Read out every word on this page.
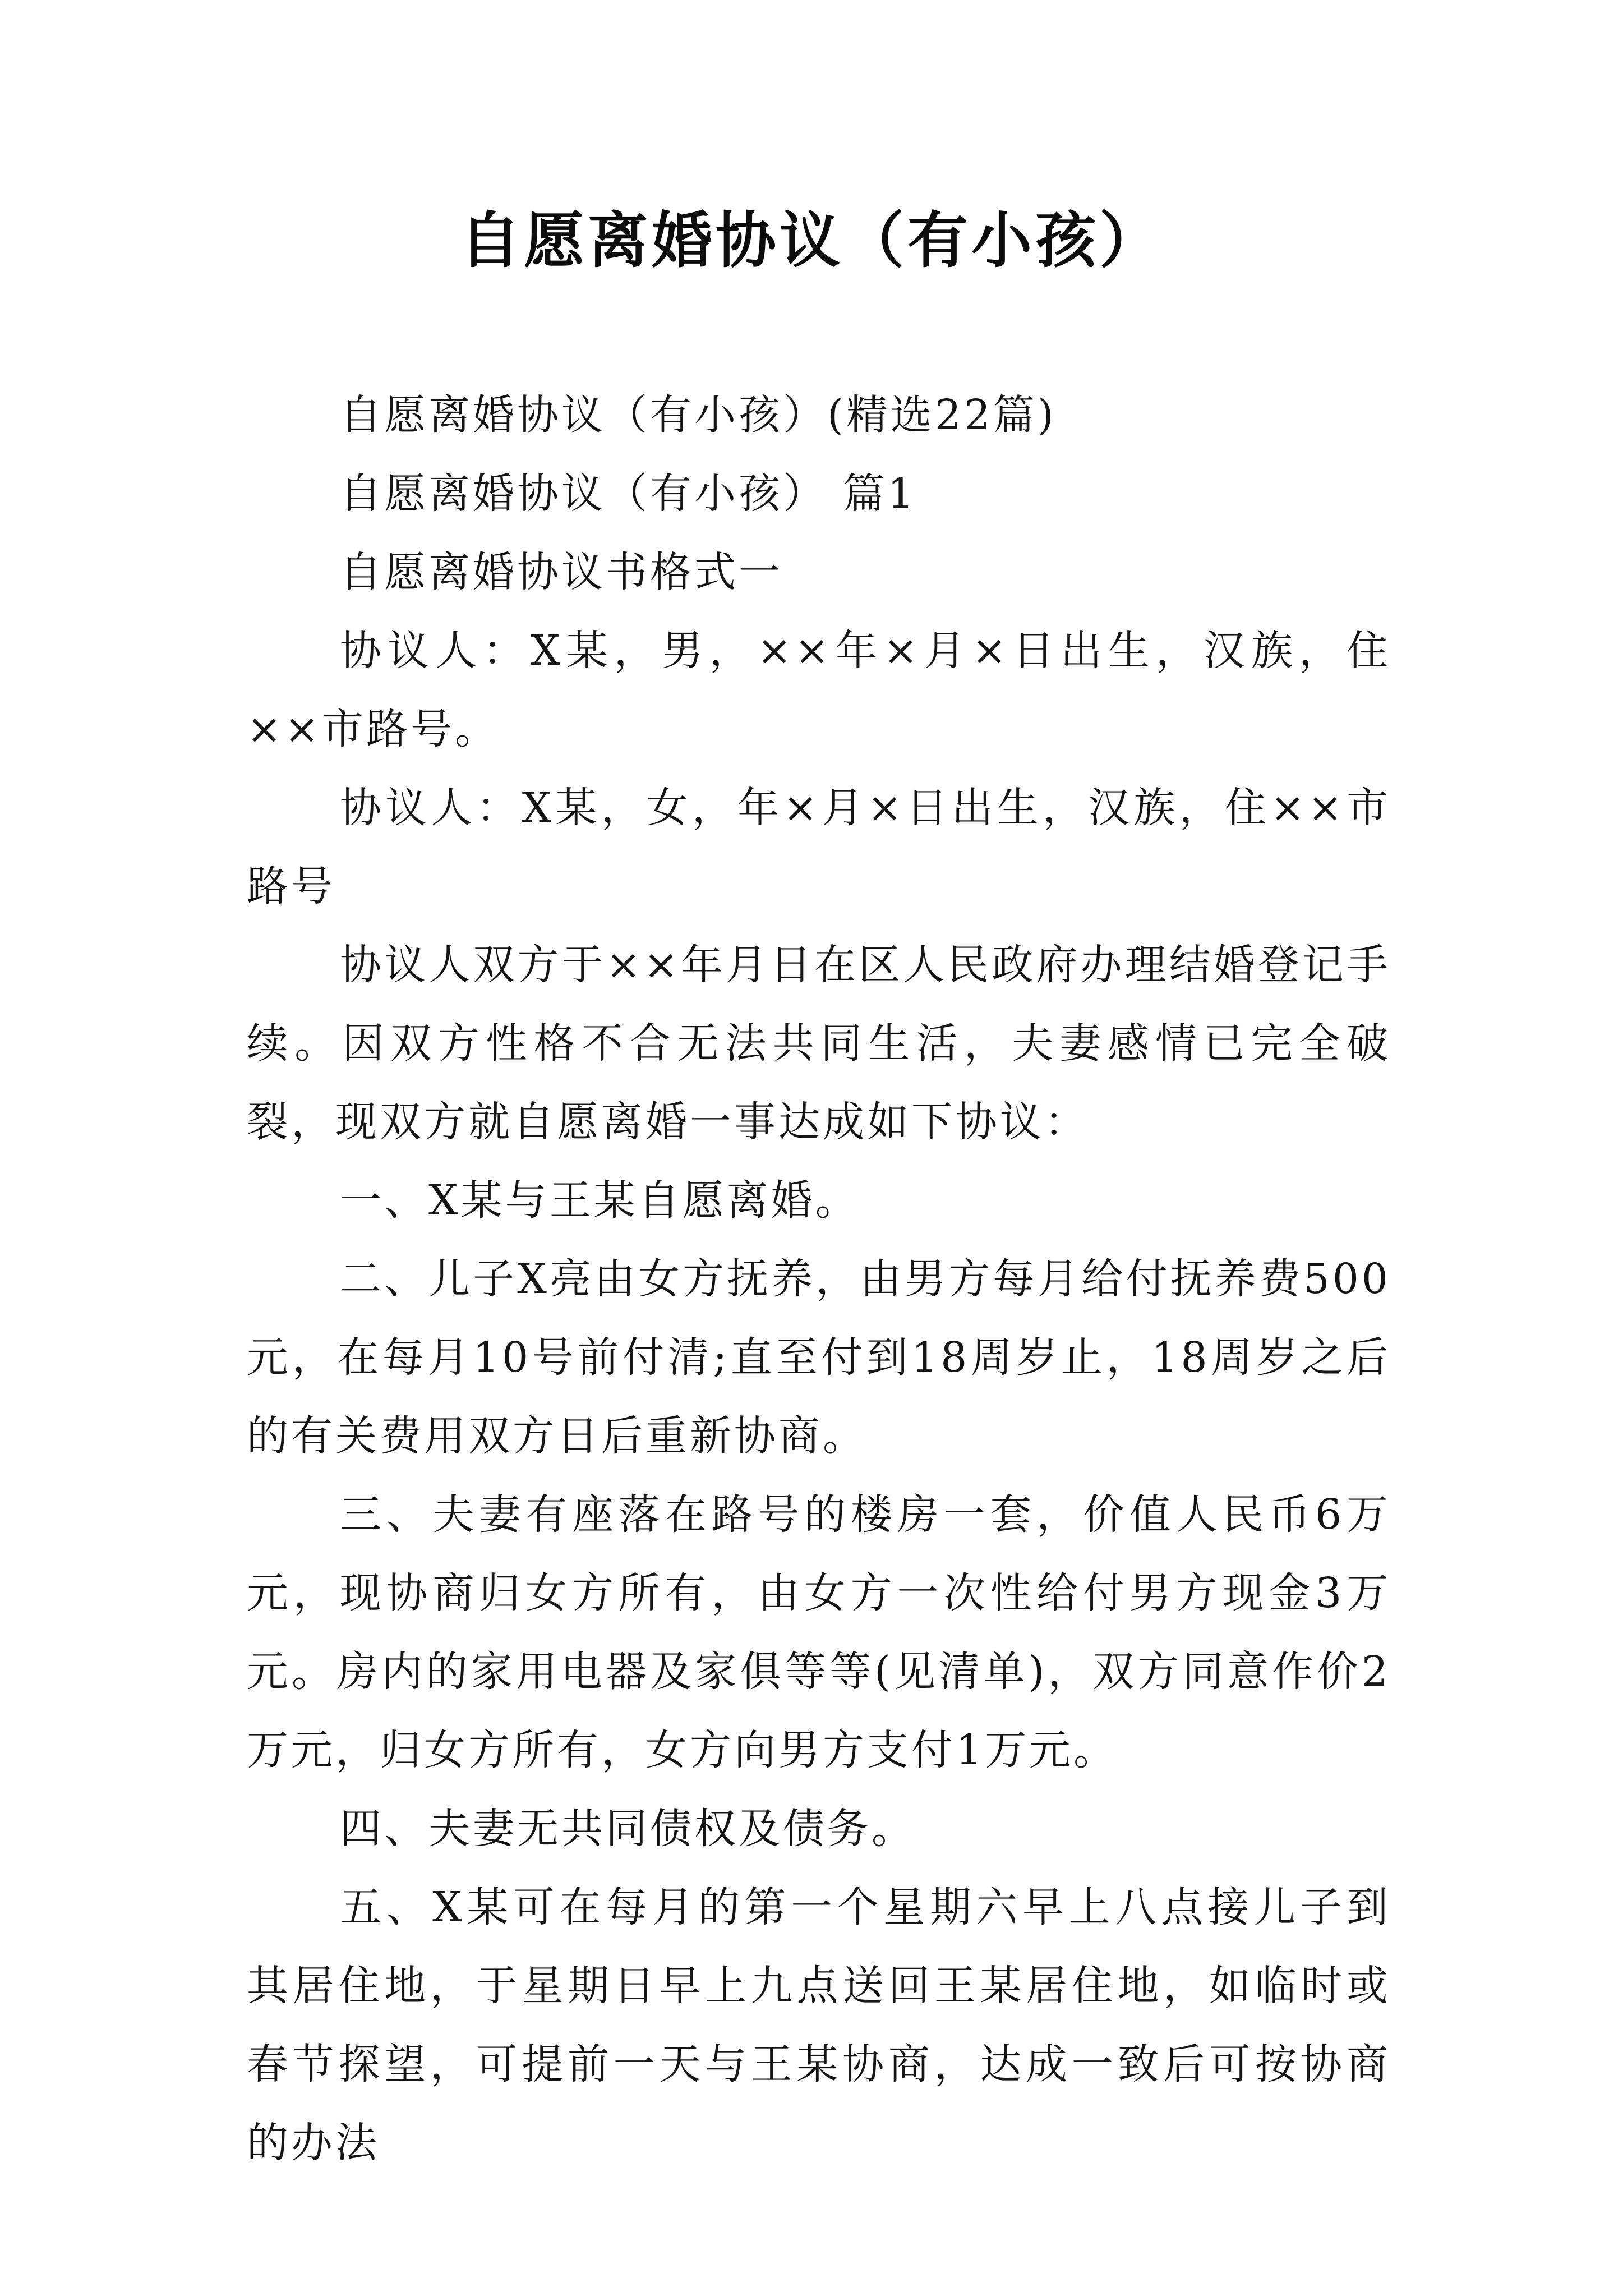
自愿离婚协议（有小孩）

自愿离婚协议（有小孩）(精选22篇)

自愿离婚协议（有小孩） 篇1

自愿离婚协议书格式一

协议人：X某，男，××年×月×日出生，汉族，住××市路号。

协议人：X某，女，年×月×日出生，汉族，住××市路号

协议人双方于××年月日在区人民政府办理结婚登记手续。因双方性格不合无法共同生活，夫妻感情已完全破裂，现双方就自愿离婚一事达成如下协议：

一、X某与王某自愿离婚。

二、儿子X亮由女方抚养，由男方每月给付抚养费500元，在每月10号前付清;直至付到18周岁止，18周岁之后的有关费用双方日后重新协商。

三、夫妻有座落在路号的楼房一套，价值人民币6万元，现协商归女方所有，由女方一次性给付男方现金3万元。房内的家用电器及家俱等等(见清单)，双方同意作价2万元，归女方所有，女方向男方支付1万元。

四、夫妻无共同债权及债务。

五、X某可在每月的第一个星期六早上八点接儿子到其居住地，于星期日早上九点送回王某居住地，如临时或春节探望，可提前一天与王某协商，达成一致后可按协商的办法
